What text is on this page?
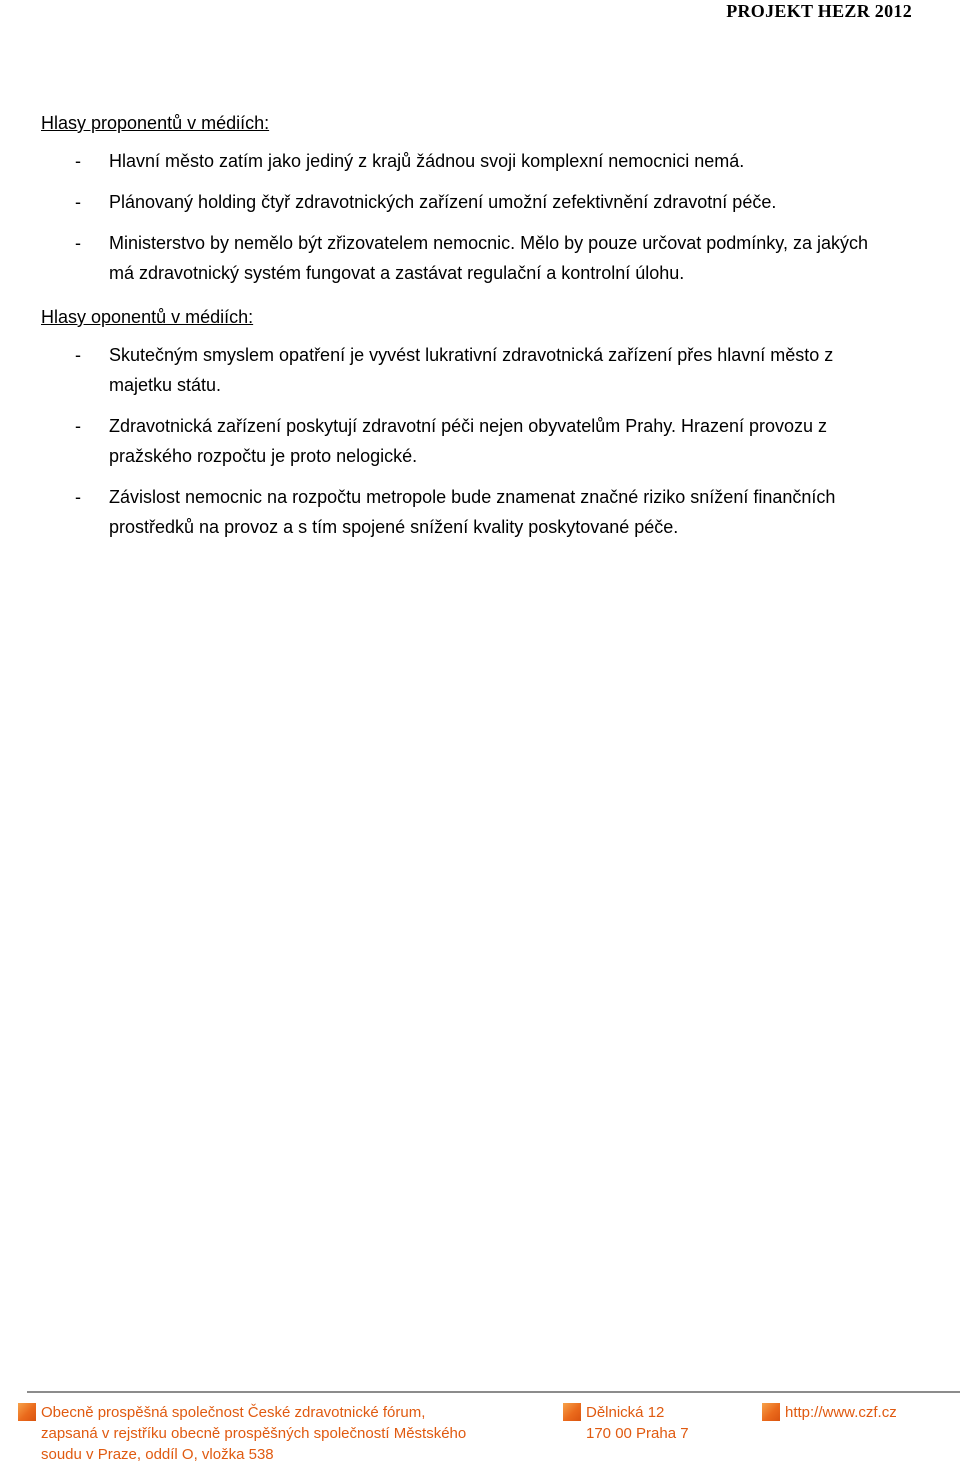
PROJEKT HEZR 2012
Hlasy proponentů v médiích:
- Hlavní město zatím jako jediný z krajů žádnou svoji komplexní nemocnici nemá.
- Plánovaný holding čtyř zdravotnických zařízení umožní zefektivnění zdravotní péče.
- Ministerstvo by nemělo být zřizovatelem nemocnic. Mělo by pouze určovat podmínky, za jakých má zdravotnický systém fungovat a zastávat regulační a kontrolní úlohu.
Hlasy oponentů v médiích:
- Skutečným smyslem opatření je vyvést lukrativní zdravotnická zařízení přes hlavní město z majetku státu.
- Zdravotnická zařízení poskytují zdravotní péči nejen obyvatelům Prahy. Hrazení provozu z pražského rozpočtu je proto nelogické.
- Závislost nemocnic na rozpočtu metropole bude znamenat značné riziko snížení finančních prostředků na provoz a s tím spojené snížení kvality poskytované péče.
Obecně prospěšná společnost České zdravotnické fórum,
zapsaná v rejstříku obecně prospěšných společností Městského
soudu v Praze, oddíl O, vložka 538
Dělnická 12
170 00 Praha 7
http://www.czf.cz
